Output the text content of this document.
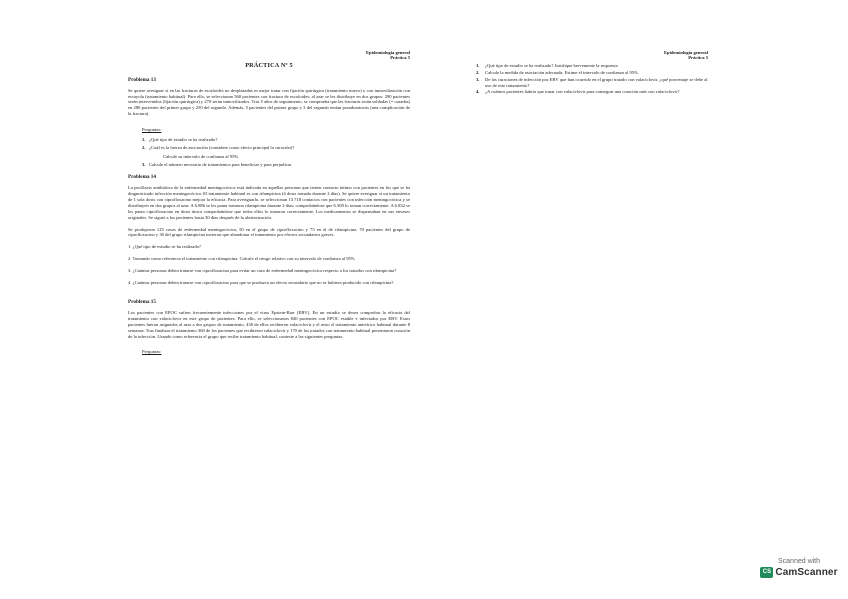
Epidemiología general
Práctica 5
PRÁCTICA Nº 5
Problema 13

Se quiere averiguar si en las fracturas de escafoides no desplazadas es mejor tratar con fijación quirúrgica (tratamiento nuevo) o con inmovilización con escayola (tratamiento habitual). Para ello, se seleccionan 560 pacientes con fractura de escafoides; al azar se les distribuye en dos grupos: 290 pacientes serán intervenidos (fijación quirúrgica) y 270 serán inmovilizados. Tras 5 años de seguimiento, se comprueba que las fracturas están soldadas (= curadas) en 280 pacientes del primer grupo y 250 del segundo. Además, 5 pacientes del primer grupo y 3 del segundo tenían pseudoartrosis (una complicación de la fractura).

Preguntas:
1. ¿Qué tipo de estudio se ha realizado?
2. ¿Cuál es la fuerza de asociación (considere como efecto principal la curación)?
Calcule su intervalo de confianza al 95%.
3. Calcule el número necesario de tratamientos para beneficiar y para perjudicar
Problema 14

La profilaxis antibiótica de la enfermedad meningocócica está indicada en aquellas personas que tienen contacto íntimo con pacientes en los que se ha diagnosticado infección meningocócica. El tratamiento habitual es con rifampicina (4 dosis tomada durante 2 días). Se quiere averiguar si un tratamiento de 1 sola dosis con ciprofloxacino mejora la eficacia. Para averiguarlo, se seleccionan 13.718 contactos con pacientes con infección meningocócica y se distribuyen en dos grupos al azar. A 6.886 se les pauta tomaron rifampicina durante 2 días; comprobándose que 6.300 lo toman correctamente. A 6.832 se les pauta ciprofloxacino en dosis única comprobándose que todos ellos lo tomaron correctamente. Los medicamentos se dispensaban en sus envases originales. Se siguió a los pacientes hasta 30 días después de la aleatorización.

Se produjeron 125 casos de enfermedad meningocócica, 50 en el grupo de ciprofloxacino y 75 en el de rifampicina. 70 pacientes del grupo de ciprofloxacino y 30 del grupo rifampicina tuvieron que abandonar el tratamiento por efectos secundarios graves.

1. ¿Qué tipo de estudio se ha realizado?

2. Tomando como referencia el tratamiento con rifampicina. Calcule el riesgo relativo con su intervalo de confianza al 95%

3. ¿Cuántas personas deben tratarse con ciprofloxacino para evitar un caso de enfermedad meningocócica respecto a los tratados con rifampicina?

4. ¿Cuántas personas deben tratarse con ciprofloxacino para que se produzca un efecto secundario que no se hubiera producido con rifampicina?

Problema 15

Los pacientes con EPOC sufren frecuentemente infecciones por el virus Epstein-Barr (EBV). En un estudio se desea comprobar la eficacia del tratamiento con valaciclovir en este grupo de pacientes. Para ello, se seleccionaron 840 pacientes con EPOC estable e infectados por EBV. Estos pacientes fueron asignados al azar a dos grupos de tratamiento, 430 de ellos recibieron valaciclovir y el resto el tratamiento antivírico habitual durante 8 semanas. Tras finalizar el tratamiento 360 de los pacientes que recibieron valaciclovir y 170 de los tratados con tratamiento habitual presentaron curación de la infección. Usando como referencia el grupo que recibe tratamiento habitual, conteste a las siguientes preguntas:

Preguntas:
Epidemiología general
Práctica 5
1.	¿Qué tipo de estudio se ha realizado? Justifique brevemente la respuesta
2.	Calcule la medida de asociación adecuada. Estime el intervalo de confianza al 95%.
3.	De las curaciones de infección por EBV que han ocurrido en el grupo tratado con valaciclovir, ¿qué porcentaje se debe al uso de este tratamiento?
4.	¿A cuántos pacientes habría que tratar con valaciclovir para conseguir una curación más con valaciclovir?
Scanned with
CS CamScanner
